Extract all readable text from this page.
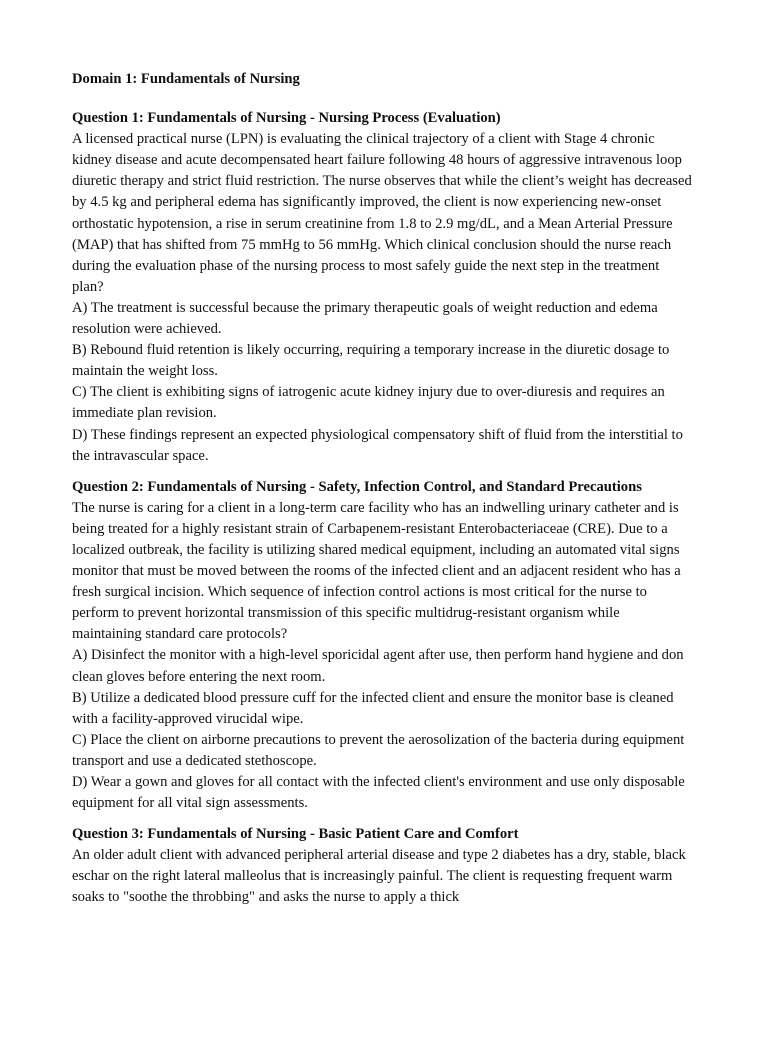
Domain 1: Fundamentals of Nursing

Question 1: Fundamentals of Nursing - Nursing Process (Evaluation)

A licensed practical nurse (LPN) is evaluating the clinical trajectory of a client with Stage 4 chronic kidney disease and acute decompensated heart failure following 48 hours of aggressive intravenous loop diuretic therapy and strict fluid restriction. The nurse observes that while the client’s weight has decreased by 4.5 kg and peripheral edema has significantly improved, the client is now experiencing new-onset orthostatic hypotension, a rise in serum creatinine from 1.8 to 2.9 mg/dL, and a Mean Arterial Pressure (MAP) that has shifted from 75 mmHg to 56 mmHg. Which clinical conclusion should the nurse reach during the evaluation phase of the nursing process to most safely guide the next step in the treatment plan?

A) The treatment is successful because the primary therapeutic goals of weight reduction and edema resolution were achieved.

B) Rebound fluid retention is likely occurring, requiring a temporary increase in the diuretic dosage to maintain the weight loss.

C) The client is exhibiting signs of iatrogenic acute kidney injury due to over-diuresis and requires an immediate plan revision.

D) These findings represent an expected physiological compensatory shift of fluid from the interstitial to the intravascular space.

Question 2: Fundamentals of Nursing - Safety, Infection Control, and Standard Precautions

The nurse is caring for a client in a long-term care facility who has an indwelling urinary catheter and is being treated for a highly resistant strain of Carbapenem-resistant Enterobacteriaceae (CRE). Due to a localized outbreak, the facility is utilizing shared medical equipment, including an automated vital signs monitor that must be moved between the rooms of the infected client and an adjacent resident who has a fresh surgical incision. Which sequence of infection control actions is most critical for the nurse to perform to prevent horizontal transmission of this specific multidrug-resistant organism while maintaining standard care protocols?

A) Disinfect the monitor with a high-level sporicidal agent after use, then perform hand hygiene and don clean gloves before entering the next room.

B) Utilize a dedicated blood pressure cuff for the infected client and ensure the monitor base is cleaned with a facility-approved virucidal wipe.

C) Place the client on airborne precautions to prevent the aerosolization of the bacteria during equipment transport and use a dedicated stethoscope.

D) Wear a gown and gloves for all contact with the infected client's environment and use only disposable equipment for all vital sign assessments.

Question 3: Fundamentals of Nursing - Basic Patient Care and Comfort

An older adult client with advanced peripheral arterial disease and type 2 diabetes has a dry, stable, black eschar on the right lateral malleolus that is increasingly painful. The client is requesting frequent warm soaks to "soothe the throbbing" and asks the nurse to apply a thick
